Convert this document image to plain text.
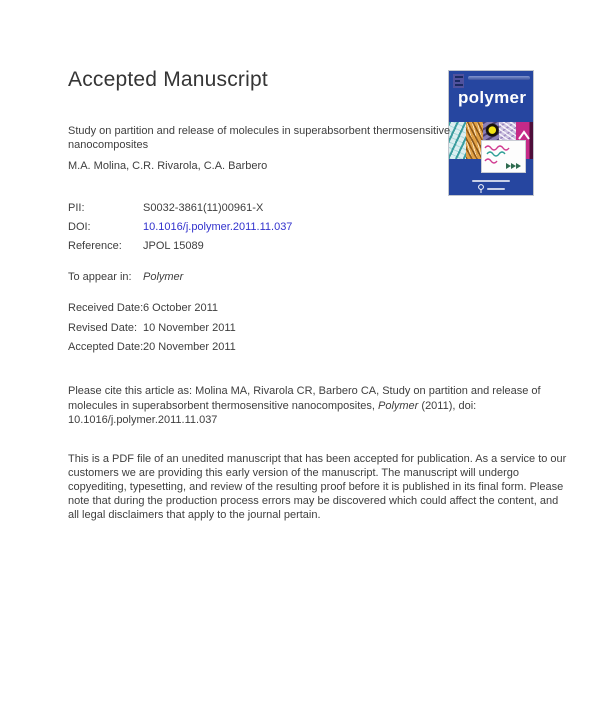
Accepted Manuscript
polymer

Study on partition and release of molecules in superabsorbent thermosensitive nanocomposites

M.A. Molina, C.R. Rivarola, C.A. Barbero

PII:	S0032-3861(11)00961-X
DOI:	10.1016/j.polymer.2011.11.037
Reference: JPOL 15089
To appear in: Polymer
Received Date: 6 October 2011
Revised Date: 10 November 2011
Accepted Date: 20 November 2011

Please cite this article as: Molina MA, Rivarola CR, Barbero CA, Study on partition and release of molecules in superabsorbent thermosensitive nanocomposites, Polymer (2011), doi: 10.1016/j.polymer.2011.11.037

This is a PDF file of an unedited manuscript that has been accepted for publication. As a service to our customers we are providing this early version of the manuscript. The manuscript will undergo copyediting, typesetting, and review of the resulting proof before it is published in its final form. Please note that during the production process errors may be discovered which could affect the content, and all legal disclaimers that apply to the journal pertain.
